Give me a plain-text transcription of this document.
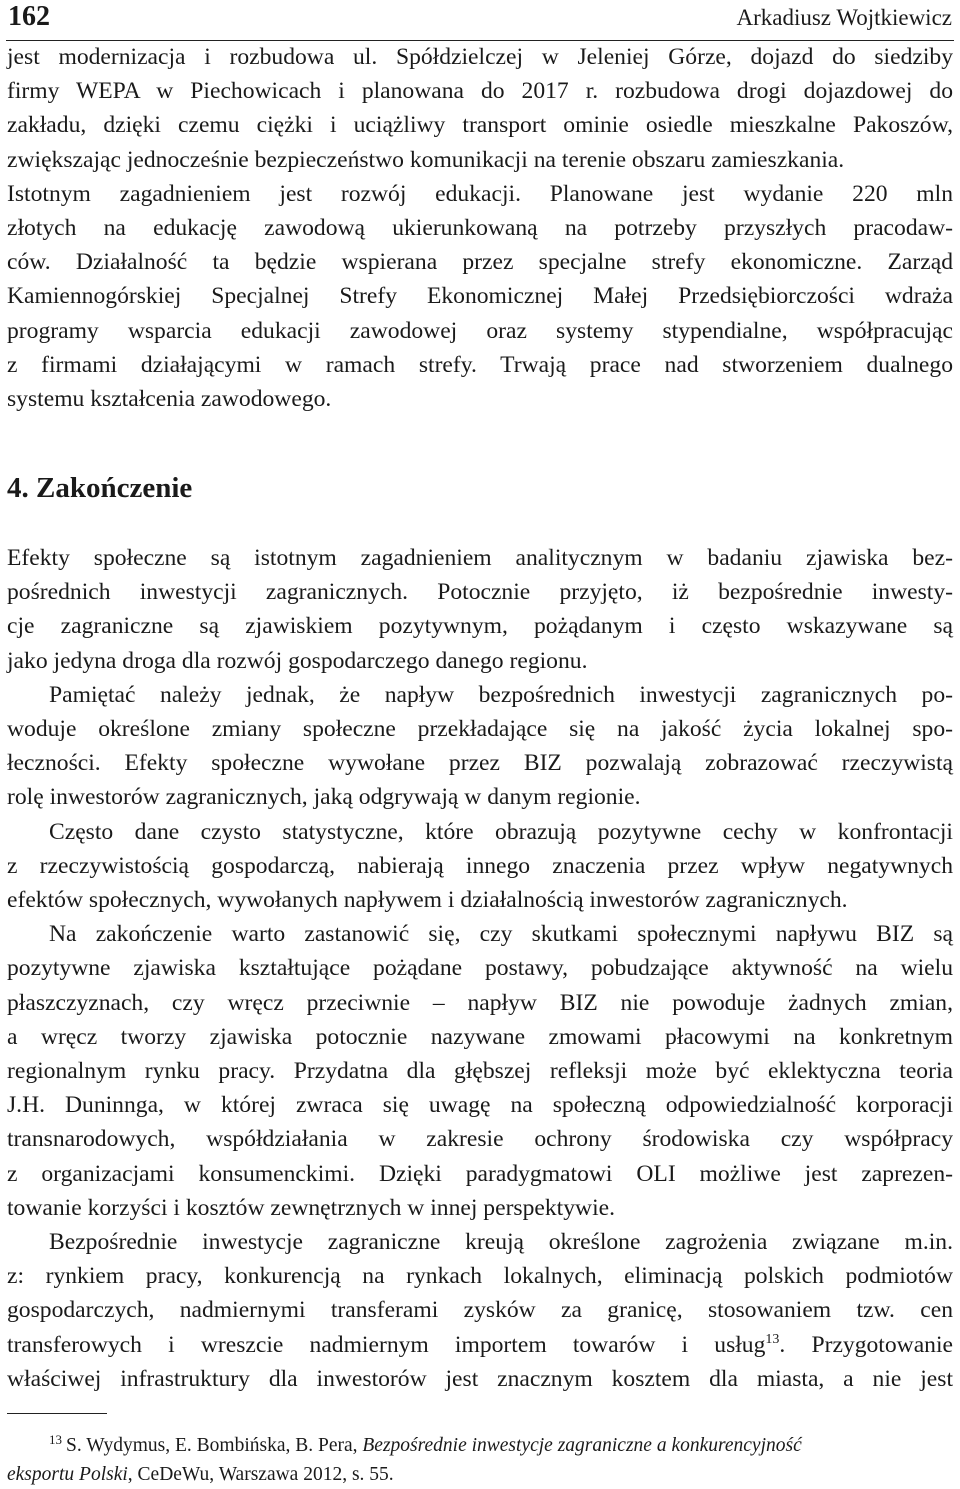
162	Arkadiusz Wojtkiewicz

jest modernizacja i rozbudowa ul. Spółdzielczej w Jeleniej Górze, dojazd do siedziby
firmy WEPA w Piechowicach i planowana do 2017 r. rozbudowa drogi dojazdowej do
zakładu, dzięki czemu ciężki i uciążliwy transport ominie osiedle mieszkalne Pakoszów,
zwiększając jednocześnie bezpieczeństwo komunikacji na terenie obszaru zamieszkania.
Istotnym zagadnieniem jest rozwój edukacji. Planowane jest wydanie 220 mln
złotych na edukację zawodową ukierunkowaną na potrzeby przyszłych pracodaw-
ców. Działalność ta będzie wspierana przez specjalne strefy ekonomiczne. Zarząd
Kamiennogórskiej Specjalnej Strefy Ekonomicznej Małej Przedsiębiorczości wdraża
programy wsparcia edukacji zawodowej oraz systemy stypendialne, współpracując
z firmami działającymi w ramach strefy. Trwają prace nad stworzeniem dualnego
systemu kształcenia zawodowego.

4. Zakończenie

Efekty społeczne są istotnym zagadnieniem analitycznym w badaniu zjawiska bez-
pośrednich inwestycji zagranicznych. Potocznie przyjęto, iż bezpośrednie inwesty-
cje zagraniczne są zjawiskiem pozytywnym, pożądanym i często wskazywane są
jako jedyna droga dla rozwój gospodarczego danego regionu.

Pamiętać należy jednak, że napływ bezpośrednich inwestycji zagranicznych po-
woduje określone zmiany społeczne przekładające się na jakość życia lokalnej spo-
łeczności. Efekty społeczne wywołane przez BIZ pozwalają zobrazować rzeczywistą
rolę inwestorów zagranicznych, jaką odgrywają w danym regionie.

Często dane czysto statystyczne, które obrazują pozytywne cechy w konfrontacji
z rzeczywistością gospodarczą, nabierają innego znaczenia przez wpływ negatywnych
efektów społecznych, wywołanych napływem i działalnością inwestorów zagranicznych.

Na zakończenie warto zastanowić się, czy skutkami społecznymi napływu BIZ są
pozytywne zjawiska kształtujące pożądane postawy, pobudzające aktywność na wielu
płaszczyznach, czy wręcz przeciwnie – napływ BIZ nie powoduje żadnych zmian,
a wręcz tworzy zjawiska potocznie nazywane zmowami płacowymi na konkretnym
regionalnym rynku pracy. Przydatna dla głębszej refleksji może być eklektyczna teoria
J.H. Duninnga, w której zwraca się uwagę na społeczną odpowiedzialność korporacji
transnarodowych, współdziałania w zakresie ochrony środowiska czy współpracy
z organizacjami konsumenckimi. Dzięki paradygmatowi OLI możliwe jest zaprezen-
towanie korzyści i kosztów zewnętrznych w innej perspektywie.

Bezpośrednie inwestycje zagraniczne kreują określone zagrożenia związane m.in.
z: rynkiem pracy, konkurencją na rynkach lokalnych, eliminacją polskich podmiotów
gospodarczych, nadmiernymi transferami zysków za granicę, stosowaniem tzw. cen
transferowych i wreszcie nadmiernym importem towarów i usług$^{13}$. Przygotowanie
właściwej infrastruktury dla inwestorów jest znacznym kosztem dla miasta, a nie jest

$^{13}$ S. Wydymus, E. Bombińska, B. Pera, Bezpośrednie inwestycje zagraniczne a konkurencyjność
eksportu Polski, CeDeWu, Warszawa 2012, s. 55.
